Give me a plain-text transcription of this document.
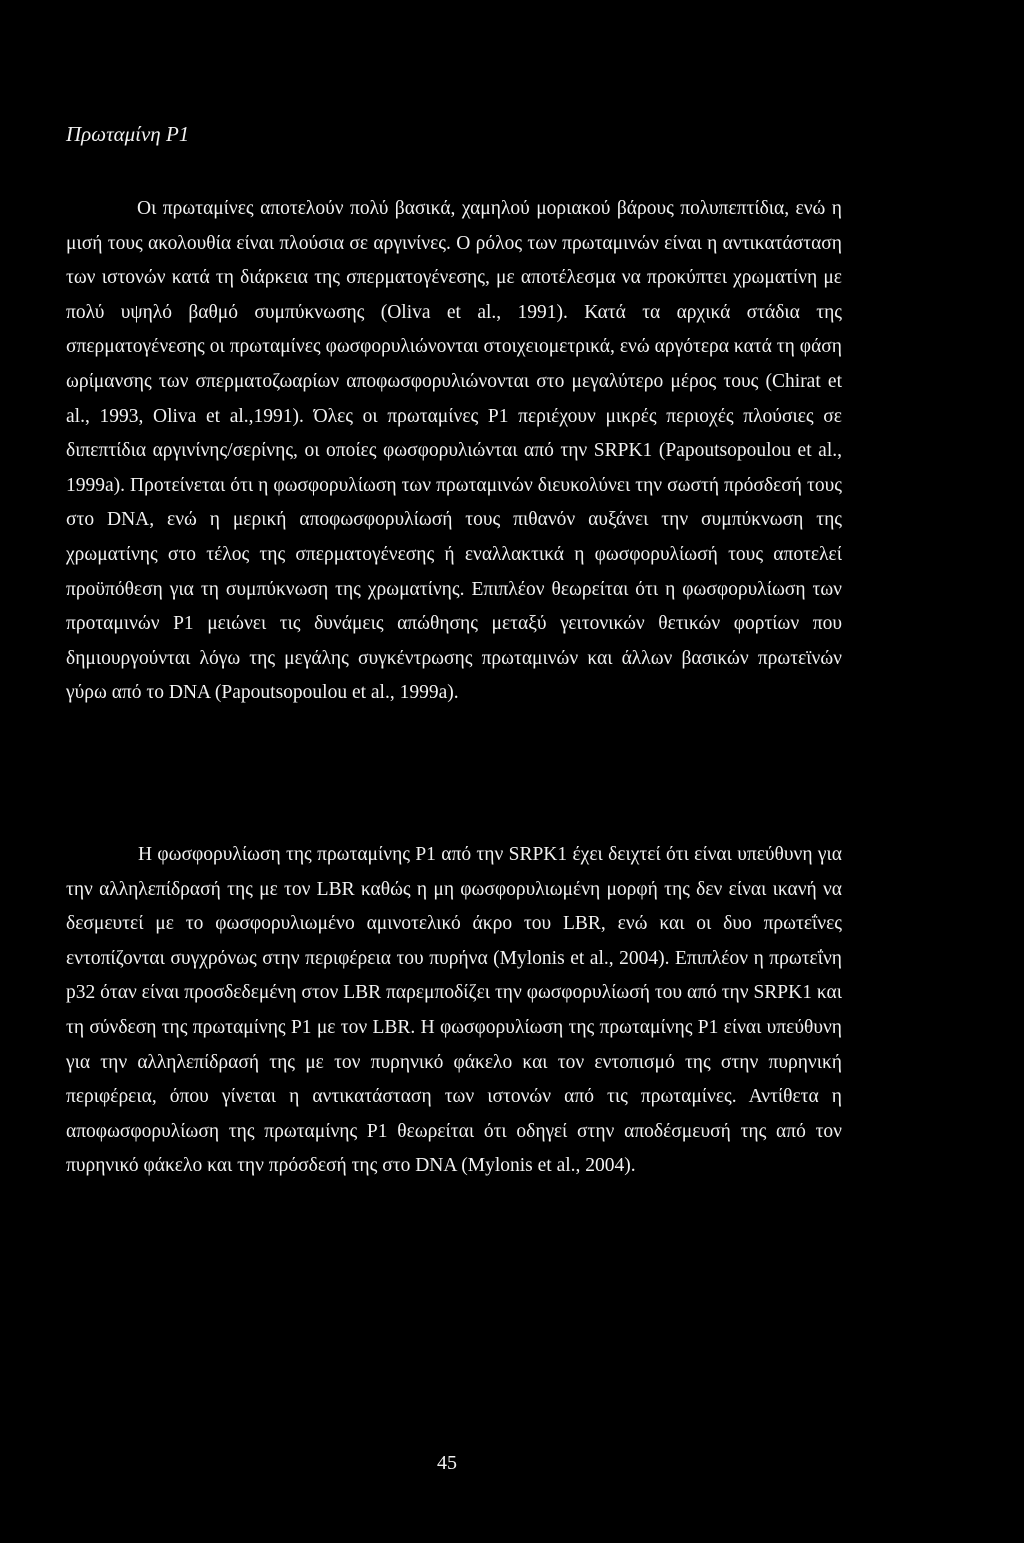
Πρωταμίνη Ρ1

Οι πρωταμίνες αποτελούν πολύ βασικά, χαμηλού μοριακού βάρους πολυπεπτίδια, ενώ η μισή τους ακολουθία είναι πλούσια σε αργινίνες. Ο ρόλος των πρωταμινών είναι η αντικατάσταση των ιστονών κατά τη διάρκεια της σπερματογένεσης, με αποτέλεσμα να προκύπτει χρωματίνη με πολύ υψηλό βαθμό συμπύκνωσης (Oliva et al., 1991). Κατά τα αρχικά στάδια της σπερματογένεσης οι πρωταμίνες φωσφορυλιώνονται στοιχειομετρικά, ενώ αργότερα κατά τη φάση ωρίμανσης των σπερματοζωαρίων αποφωσφορυλιώνονται στο μεγαλύτερο μέρος τους (Chirat et al., 1993, Oliva et al.,1991). Όλες οι πρωταμίνες Ρ1 περιέχουν μικρές περιοχές πλούσιες σε διπεπτίδια αργινίνης/σερίνης, οι οποίες φωσφορυλιώνται από την SRPK1 (Papoutsopoulou et al., 1999a). Προτείνεται ότι η φωσφορυλίωση των πρωταμινών διευκολύνει την σωστή πρόσδεσή τους στο DNA, ενώ η μερική αποφωσφορυλίωσή τους πιθανόν αυξάνει την συμπύκνωση της χρωματίνης στο τέλος της σπερματογένεσης ή εναλλακτικά η φωσφορυλίωσή τους αποτελεί προϋπόθεση για τη συμπύκνωση της χρωματίνης. Επιπλέον θεωρείται ότι η φωσφορυλίωση των προταμινών Ρ1 μειώνει τις δυνάμεις απώθησης μεταξύ γειτονικών θετικών φορτίων που δημιουργούνται λόγω της μεγάλης συγκέντρωσης πρωταμινών και άλλων βασικών πρωτεϊνών γύρω από το DNA (Papoutsopoulou et al., 1999a).

Η φωσφορυλίωση της πρωταμίνης Ρ1 από την SRPK1 έχει δειχτεί ότι είναι υπεύθυνη για την αλληλεπίδρασή της με τον LBR καθώς η μη φωσφορυλιωμένη μορφή της δεν είναι ικανή να δεσμευτεί με το φωσφορυλιωμένο αμινοτελικό άκρο του LBR, ενώ και οι δυο πρωτεΐνες εντοπίζονται συγχρόνως στην περιφέρεια του πυρήνα (Mylonis et al., 2004). Επιπλέον η πρωτεΐνη p32 όταν είναι προσδεδεμένη στον LBR παρεμποδίζει την φωσφορυλίωσή του από την SRPK1 και τη σύνδεση της πρωταμίνης Ρ1 με τον LBR. Η φωσφορυλίωση της πρωταμίνης Ρ1 είναι υπεύθυνη για την αλληλεπίδρασή της με τον πυρηνικό φάκελο και τον εντοπισμό της στην πυρηνική περιφέρεια, όπου γίνεται η αντικατάσταση των ιστονών από τις πρωταμίνες. Αντίθετα η αποφωσφορυλίωση της πρωταμίνης Ρ1 θεωρείται ότι οδηγεί στην αποδέσμευσή της από τον πυρηνικό φάκελο και την πρόσδεσή της στο DNA (Mylonis et al., 2004).

45
